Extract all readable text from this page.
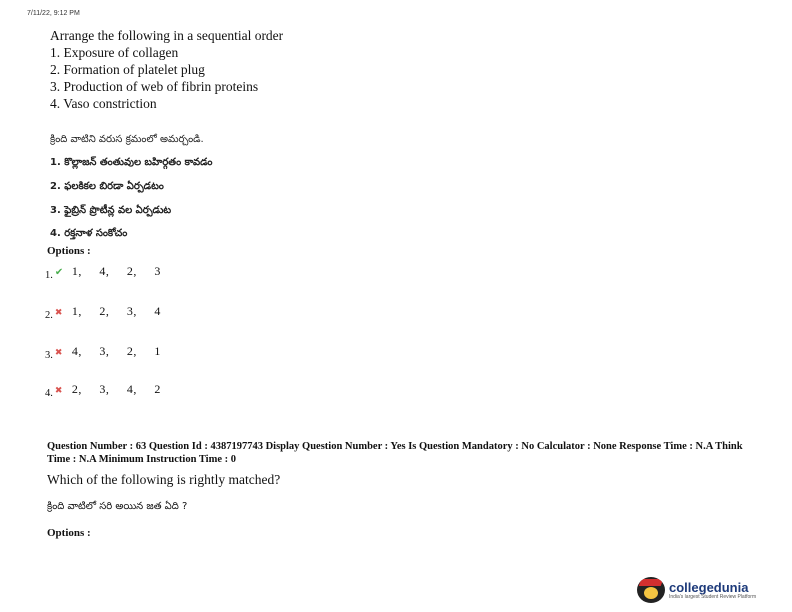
7/11/22, 9:12 PM
Arrange the following in a sequential order
1. Exposure of collagen
2. Formation of platelet plug
3. Production of web of fibrin proteins
4. Vaso constriction
క్రింది వాటిని వరుస క్రమంలో అమర్చండి.
1. కొల్లాజన్ తంతువుల బహిర్గతం కావడం
2. ఫలకికల బిరడా ఏర్పడటం
3. ఫైబ్రిన్ ప్రొటీన్ల వల ఏర్పడుట
4. రక్తనాళ సంకోచం
Options :
1. ✔ 1, 4, 2, 3
2. ✖ 1, 2, 3, 4
3. ✖ 4, 3, 2, 1
4. ✖ 2, 3, 4, 2
Question Number : 63 Question Id : 4387197743 Display Question Number : Yes Is Question Mandatory : No Calculator : None Response Time : N.A Think Time : N.A Minimum Instruction Time : 0
Which of the following is rightly matched?
క్రింది వాటిలో సరి అయిన జత ఏది ?
Options :
collegedunia
India's largest Student Review Platform
